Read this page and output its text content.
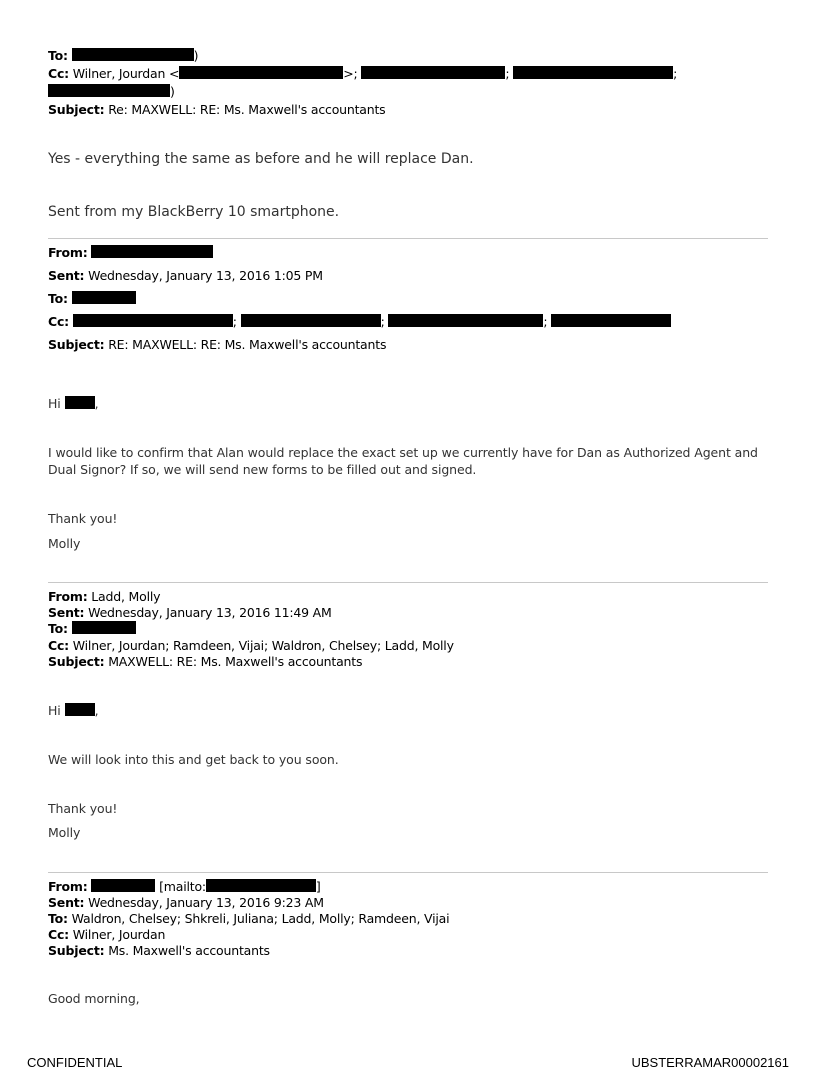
To:	)
Cc: Wilner, Jourdan <	>;	;	;
)
Subject: Re: MAXWELL: RE: Ms. Maxwell's accountants
Yes - everything the same as before and he will replace Dan.
Sent from my BlackBerry 10 smartphone.
From:
Sent: Wednesday, January 13, 2016 1:05 PM
To:
Cc:	;	;	;
Subject: RE: MAXWELL: RE: Ms. Maxwell's accountants
Hi	,
I would like to confirm that Alan would replace the exact set up we currently have for Dan as Authorized Agent and Dual Signor? If so, we will send new forms to be filled out and signed.
Thank you!
Molly
From: Ladd, Molly
Sent: Wednesday, January 13, 2016 11:49 AM
To:
Cc: Wilner, Jourdan; Ramdeen, Vijai; Waldron, Chelsey; Ladd, Molly
Subject: MAXWELL: RE: Ms. Maxwell's accountants
Hi	,
We will look into this and get back to you soon.
Thank you!
Molly
From:	[mailto:	]
Sent: Wednesday, January 13, 2016 9:23 AM
To: Waldron, Chelsey; Shkreli, Juliana; Ladd, Molly; Ramdeen, Vijai
Cc: Wilner, Jourdan
Subject: Ms. Maxwell's accountants
Good morning,
CONFIDENTIAL	UBSTERRAMAR00002161
